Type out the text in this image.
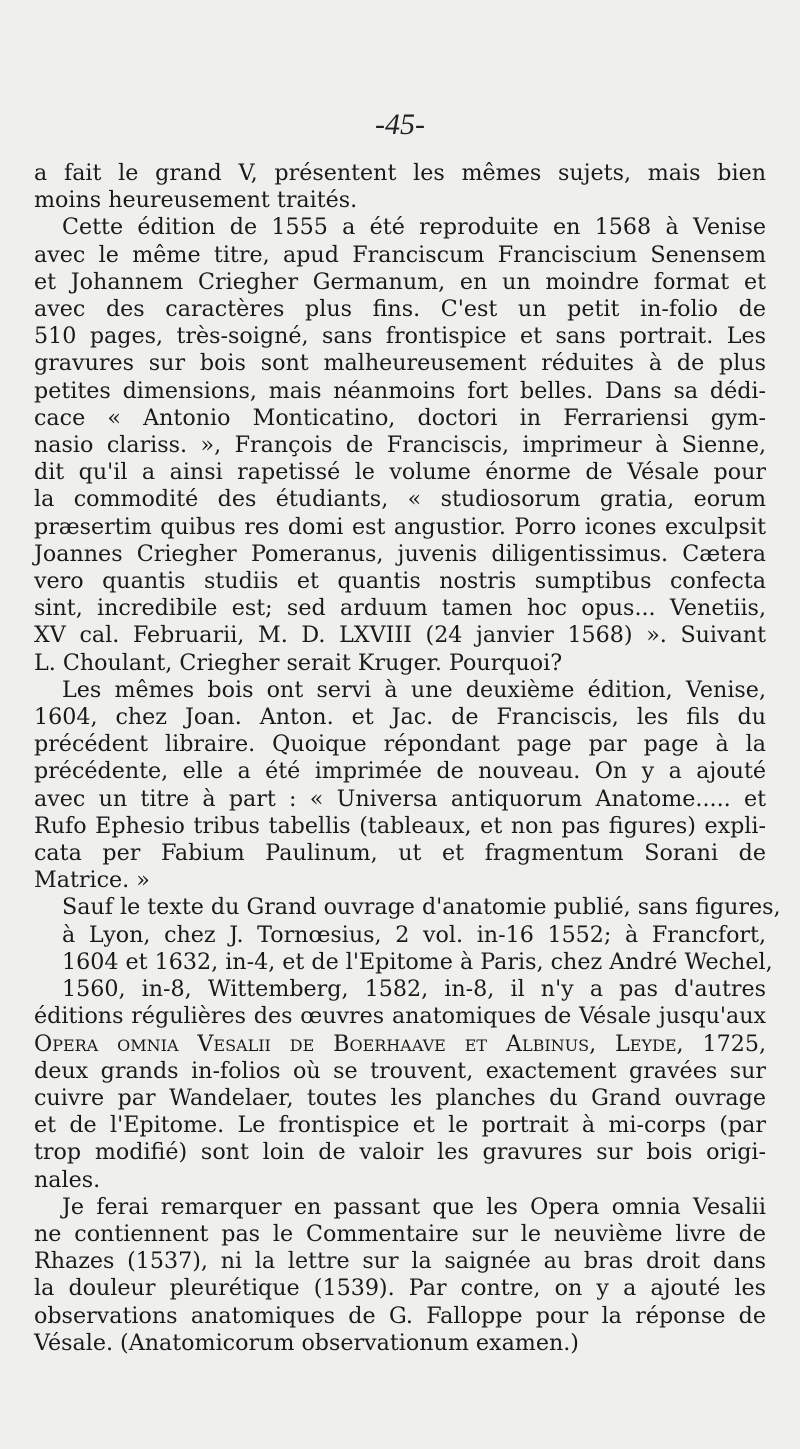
-45-
a fait le grand V, présentent les mêmes sujets, mais bien
moins heureusement traités.
Cette édition de 1555 a été reproduite en 1568 à Venise
avec le même titre, apud Franciscum Franciscium Senensem
et Johannem Criegher Germanum, en un moindre format et
avec des caractères plus fins. C'est un petit in-folio de
510 pages, très-soigné, sans frontispice et sans portrait. Les
gravures sur bois sont malheureusement réduites à de plus
petites dimensions, mais néanmoins fort belles. Dans sa dédi-
cace « Antonio Monticatino, doctori in Ferrariensi gym-
nasio clariss. », François de Franciscis, imprimeur à Sienne,
dit qu'il a ainsi rapetissé le volume énorme de Vésale pour
la commodité des étudiants, « studiosorum gratia, eorum
præsertim quibus res domi est angustior. Porro icones exculpsit
Joannes Criegher Pomeranus, juvenis diligentissimus. Cætera
vero quantis studiis et quantis nostris sumptibus confecta
sint, incredibile est; sed arduum tamen hoc opus... Venetiis,
XV cal. Februarii, M. D. LXVIII (24 janvier 1568) ». Suivant
L. Choulant, Criegher serait Kruger. Pourquoi?
Les mêmes bois ont servi à une deuxième édition, Venise,
1604, chez Joan. Anton. et Jac. de Franciscis, les fils du
précédent libraire. Quoique répondant page par page à la
précédente, elle a été imprimée de nouveau. On y a ajouté
avec un titre à part : « Universa antiquorum Anatome..... et
Rufo Ephesio tribus tabellis (tableaux, et non pas figures) expli-
cata per Fabium Paulinum, ut et fragmentum Sorani de
Matrice. »
Sauf le texte du Grand ouvrage d'anatomie publié, sans figures,
à Lyon, chez J. Tornœsius, 2 vol. in-16 1552; à Francfort,
1604 et 1632, in-4, et de l'Epitome à Paris, chez André Wechel,
1560, in-8, Wittemberg, 1582, in-8, il n'y a pas d'autres
éditions régulières des œuvres anatomiques de Vésale jusqu'aux
Opera omnia Vesalii de Boerhaave et Albinus, Leyde, 1725,
deux grands in-folios où se trouvent, exactement gravées sur
cuivre par Wandelaer, toutes les planches du Grand ouvrage
et de l'Epitome. Le frontispice et le portrait à mi-corps (par
trop modifié) sont loin de valoir les gravures sur bois origi-
nales.
Je ferai remarquer en passant que les Opera omnia Vesalii
ne contiennent pas le Commentaire sur le neuvième livre de
Rhazes (1537), ni la lettre sur la saignée au bras droit dans
la douleur pleurétique (1539). Par contre, on y a ajouté les
observations anatomiques de G. Falloppe pour la réponse de
Vésale. (Anatomicorum observationum examen.)
